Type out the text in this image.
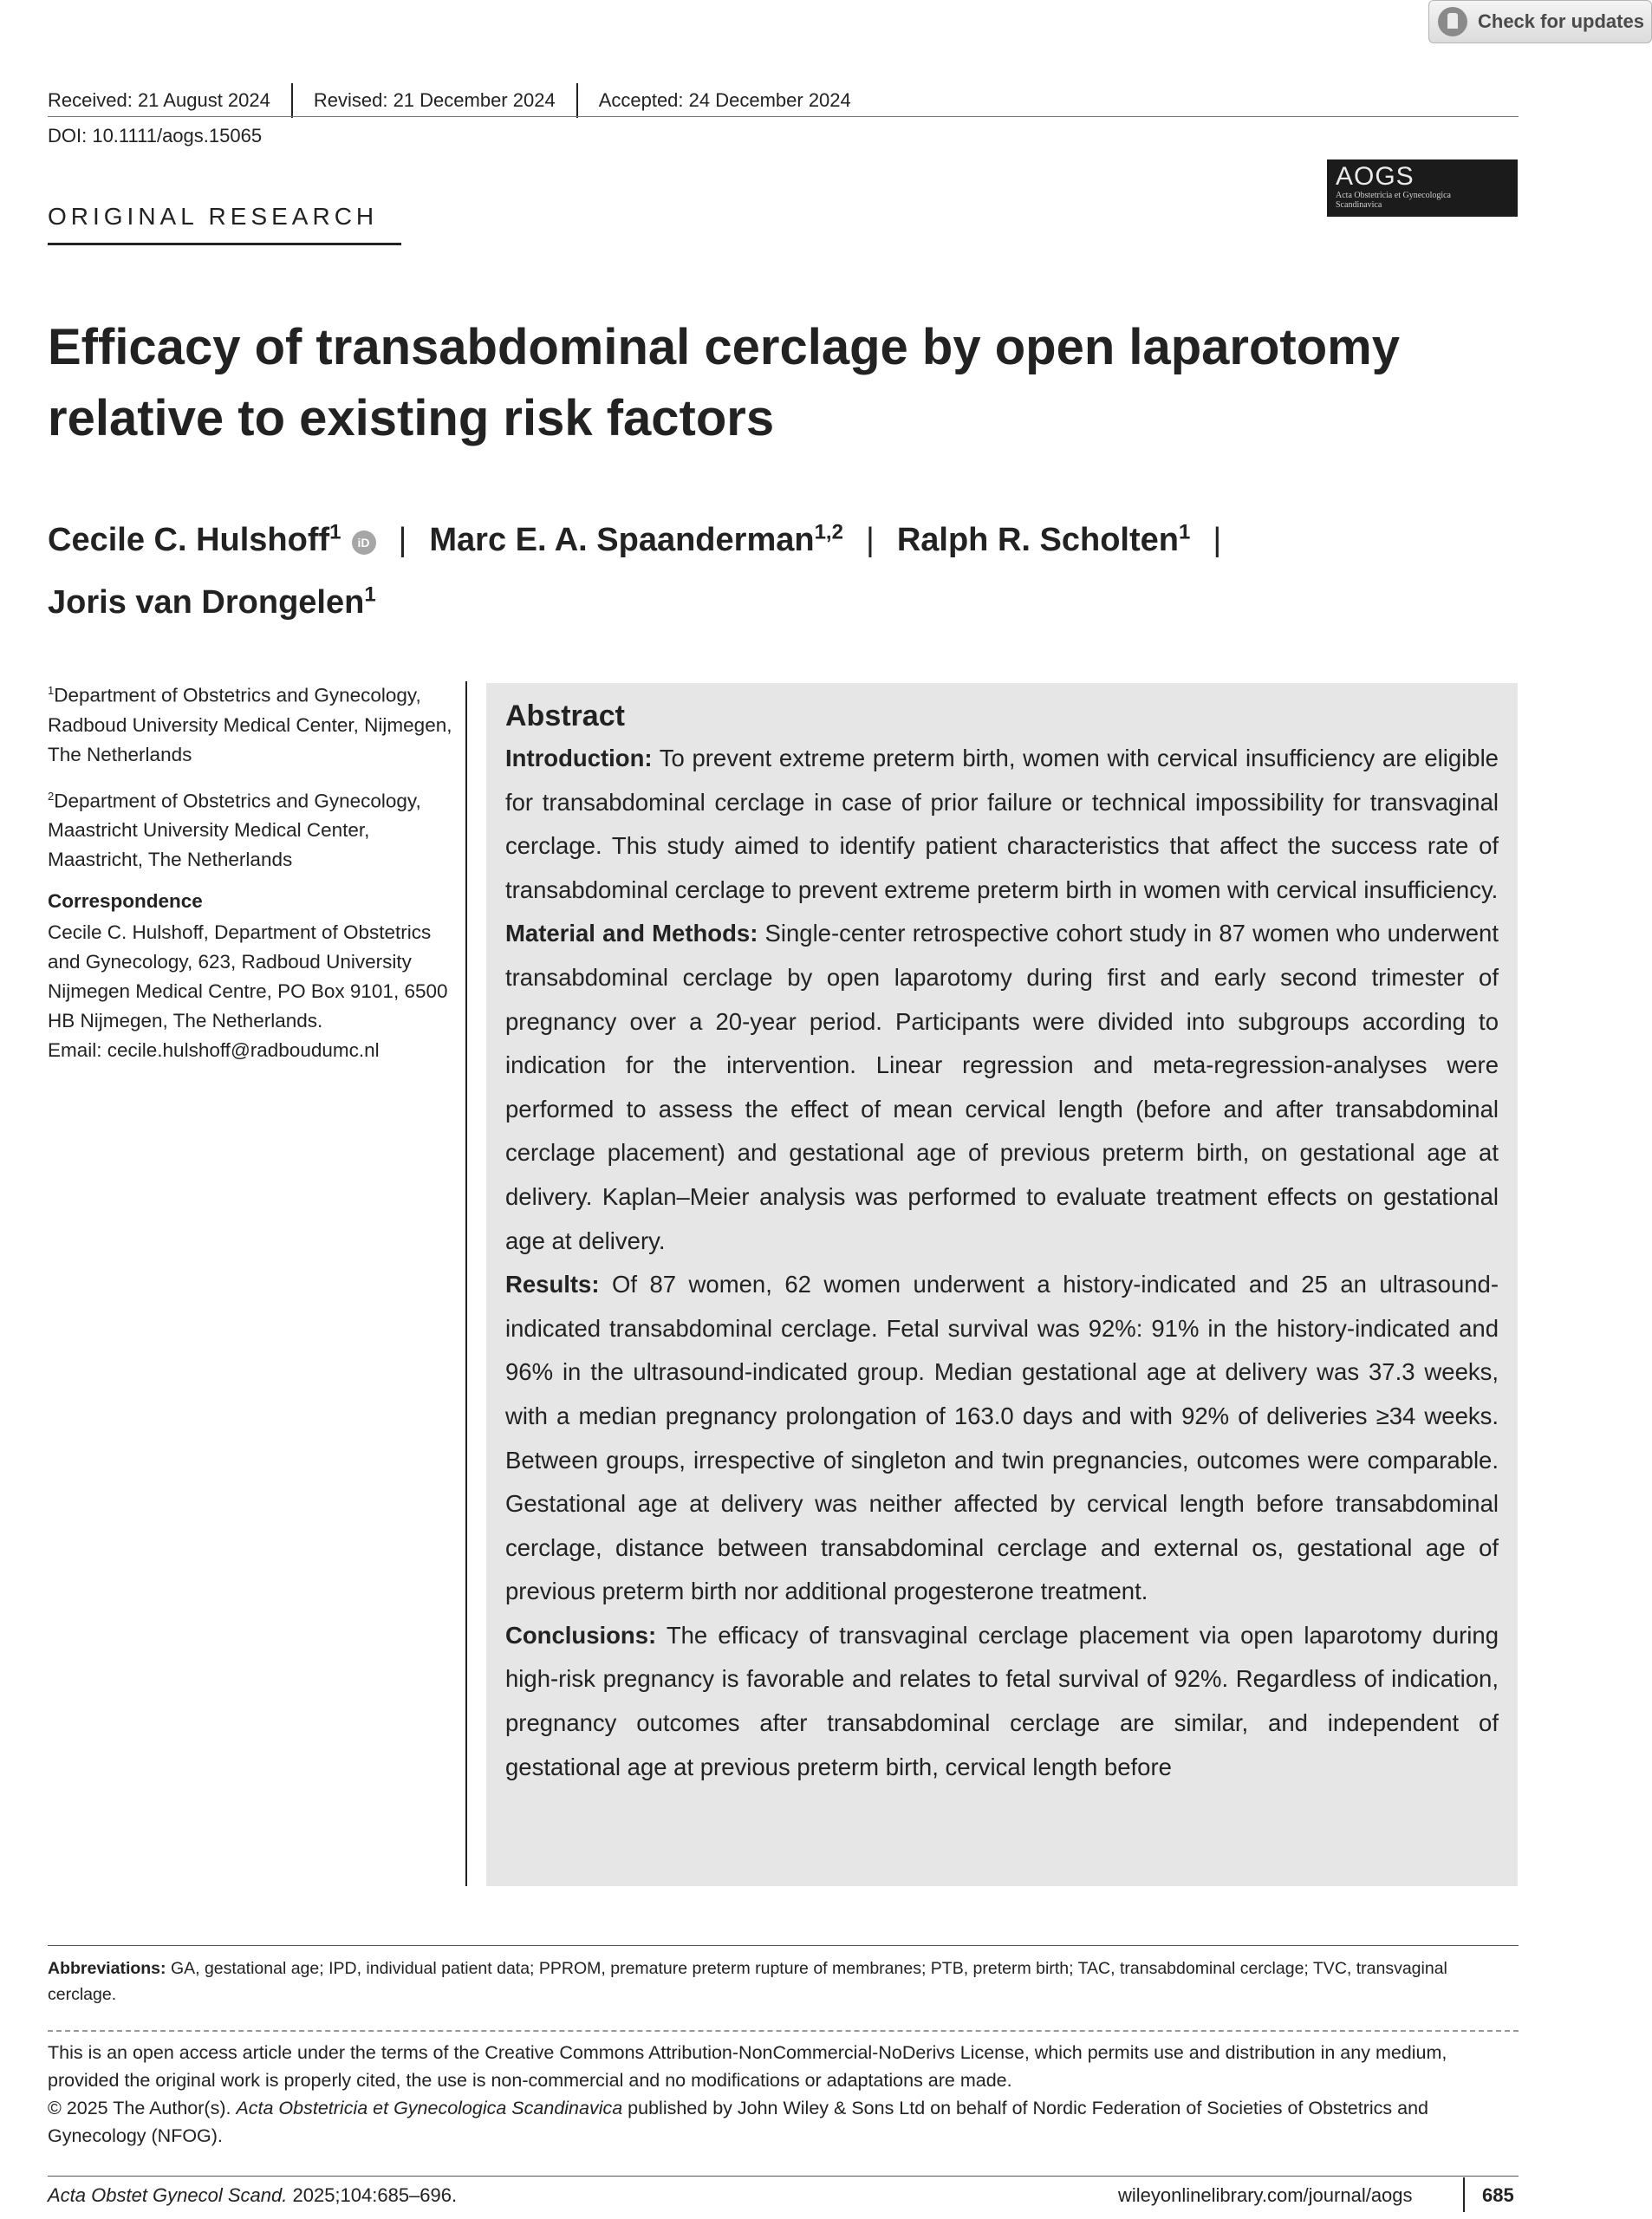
Check for updates
Received: 21 August 2024	Revised: 21 December 2024	Accepted: 24 December 2024
DOI: 10.1111/aogs.15065
AOGS
Acta Obstetricia et Gynecologica
Scandinavica
ORIGINAL RESEARCH
Efficacy of transabdominal cerclage by open laparotomy relative to existing risk factors
Cecile C. Hulshoff$^1$ iD | Marc E. A. Spaanderman$^{1,2}$ | Ralph R. Scholten$^1$ |
Joris van Drongelen$^1$

$^1$Department of Obstetrics and Gynecology, Radboud University Medical Center, Nijmegen, The Netherlands

$^2$Department of Obstetrics and Gynecology, Maastricht University Medical Center, Maastricht, The Netherlands

Correspondence

Cecile C. Hulshoff, Department of Obstetrics and Gynecology, 623, Radboud University Nijmegen Medical Centre, PO Box 9101, 6500 HB Nijmegen, The Netherlands.
Email: cecile.hulshoff@radboudumc.nl

Abstract

Introduction: To prevent extreme preterm birth, women with cervical insufficiency are eligible for transabdominal cerclage in case of prior failure or technical impossibility for transvaginal cerclage. This study aimed to identify patient characteristics that affect the success rate of transabdominal cerclage to prevent extreme preterm birth in women with cervical insufficiency.

Material and Methods: Single-center retrospective cohort study in 87 women who underwent transabdominal cerclage by open laparotomy during first and early second trimester of pregnancy over a 20-year period. Participants were divided into subgroups according to indication for the intervention. Linear regression and meta-regression-analyses were performed to assess the effect of mean cervical length (before and after transabdominal cerclage placement) and gestational age of previous preterm birth, on gestational age at delivery. Kaplan–Meier analysis was performed to evaluate treatment effects on gestational age at delivery.

Results: Of 87 women, 62 women underwent a history-indicated and 25 an ultrasound-indicated transabdominal cerclage. Fetal survival was 92%: 91% in the history-indicated and 96% in the ultrasound-indicated group. Median gestational age at delivery was 37.3 weeks, with a median pregnancy prolongation of 163.0 days and with 92% of deliveries ≥34 weeks. Between groups, irrespective of singleton and twin pregnancies, outcomes were comparable. Gestational age at delivery was neither affected by cervical length before transabdominal cerclage, distance between transabdominal cerclage and external os, gestational age of previous preterm birth nor additional progesterone treatment.

Conclusions: The efficacy of transvaginal cerclage placement via open laparotomy during high-risk pregnancy is favorable and relates to fetal survival of 92%. Regardless of indication, pregnancy outcomes after transabdominal cerclage are similar, and independent of gestational age at previous preterm birth, cervical length before

Abbreviations: GA, gestational age; IPD, individual patient data; PPROM, premature preterm rupture of membranes; PTB, preterm birth; TAC, transabdominal cerclage; TVC, transvaginal cerclage.

This is an open access article under the terms of the Creative Commons Attribution-NonCommercial-NoDerivs License, which permits use and distribution in any medium, provided the original work is properly cited, the use is non-commercial and no modifications or adaptations are made.

© 2025 The Author(s). Acta Obstetricia et Gynecologica Scandinavica published by John Wiley & Sons Ltd on behalf of Nordic Federation of Societies of Obstetrics and Gynecology (NFOG).

Acta Obstet Gynecol Scand. 2025;104:685–696.	wileyonlinelibrary.com/journal/aogs	685
